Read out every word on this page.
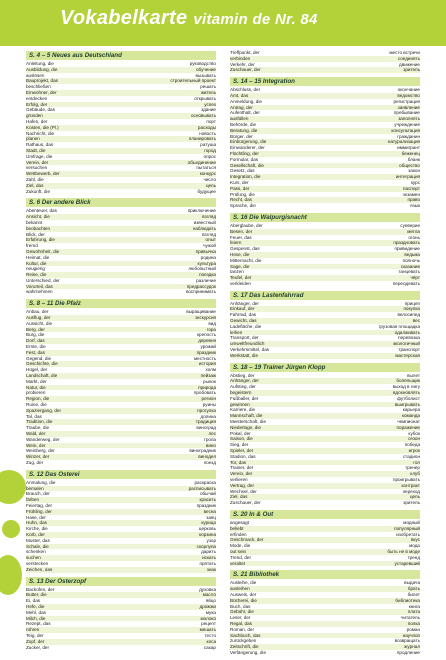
Vokabelkarte vitamin de Nr. 84
S. 4 – 5 Neues aus Deutschland
Anleitung, die	руководство
Ausbildung, die	обучение
auslösen	вызывать
Bauprojekt, das	строительный проект
beschließen	решать
Einwohner, der	житель
entdecken	открывать
Erfolg, der	успех
Gebäude, das	здание
gründen	основывать
Hafen, der	порт
Kosten, die (Pl.)	расходы
Nachricht, die	новость
planen	планировать
Rathaus, das	ратуша
Stadt, die	город
Umfrage, die	опрос
Verein, der	объединение
versuchen	пытаться
Wettbewerb, der	конкурс
Zahl, die	число
Ziel, das	цель
Zukunft, die	будущее
S. 6 Der andere Blick
Abenteuer, das	приключение
Ansicht, die	взгляд
bekannt	известный
beobachten	наблюдать
Blick, der	взгляд
Erfahrung, die	опыт
fremd	чужой
Gewohnheit, die	привычка
Heimat, die	родина
Kultur, die	культура
neugierig	любопытный
Reise, die	поездка
Unterschied, der	различие
Vorurteil, das	предрассудок
wahrnehmen	воспринимать
S. 8 – 11 Die Pfalz
Anbau, der	выращивание
Ausflug, der	экскурсия
Aussicht, die	вид
Berg, der	гора
Burg, die	крепость
Dorf, das	деревня
Ernte, die	урожай
Fest, das	праздник
Gegend, die	местность
Geschichte, die	история
Hügel, der	холм
Landschaft, die	пейзаж
Markt, der	рынок
Natur, die	природа
probieren	пробовать
Region, die	регион
Ruine, die	руины
Spaziergang, der	прогулка
Tal, das	долина
Tradition, die	традиция
Traube, die	виноград
Wald, der	лес
Wanderweg, der	тропа
Wein, der	вино
Weinberg, der	виноградник
Winzer, der	винодел
Zug, der	поезд
S. 12 Das Osterei
Anmalung, die	раскраска
bemalen	расписывать
Brauch, der	обычай
färben	красить
Feiertag, der	праздник
Frühling, der	весна
Hase, der	заяц
Huhn, das	курица
Kirche, die	церковь
Korb, der	корзина
Muster, das	узор
Schale, die	скорлупа
schenken	дарить
suchen	искать
verstecken	прятать
Zeichen, das	знак
S. 13 Der Osterzopf
Backofen, der	духовка
Butter, die	масло
Ei, das	яйцо
Hefe, die	дрожжи
Mehl, das	мука
Milch, die	молоко
Rezept, das	рецепт
rühren	мешать
Teig, der	тесто
Zopf, der	коса
Zucker, der	сахар
Treffpunkt, der	место встречи
verbinden	соединять
Verkehr, der	движение
Zuschauer, der	зритель
S. 14 – 15 Integration
Abschluss, der	окончание
Amt, das	ведомство
Anmeldung, die	регистрация
Antrag, der	заявление
Aufenthalt, der	пребывание
ausfüllen	заполнять
Behörde, die	учреждение
Beratung, die	консультация
Bürger, der	гражданин
Einbürgerung, die	натурализация
Einwanderer, der	иммигрант
Flüchtling, der	беженец
Formular, das	бланк
Gesellschaft, die	общество
Gesetz, das	закон
Integration, die	интеграция
Kurs, der	курс
Pass, der	паспорт
Prüfung, die	экзамен
Recht, das	право
Sprache, die	язык
S. 16 Die Walpurgisnacht
Aberglaube, der	суеверие
Besen, der	метла
Feuer, das	огонь
feiern	праздновать
Gespenst, das	привидение
Hexe, die	ведьма
Mitternacht, die	полночь
Sage, die	сказание
tanzen	танцевать
Teufel, der	чёрт
verkleiden	переодевать
S. 17 Das Lastenfahrrad
Anhänger, der	прицеп
Einkauf, der	покупка
Fahrrad, das	велосипед
Gewicht, das	вес
Ladefläche, die	грузовая площадка
leihen	одалживать
Transport, der	перевозка
umweltfreundlich	экологичный
Verkehrsmittel, das	транспорт
Werkstatt, die	мастерская
S. 18 – 19 Trainer Jürgen Klopp
Abstieg, der	вылет
Anhänger, der	болельщик
Aufstieg, der	выход в лигу
begeistern	вдохновлять
Fußballer, der	футболист
gewinnen	выигрывать
Karriere, die	карьера
Mannschaft, die	команда
Meisterschaft, die	чемпионат
Niederlage, die	поражение
Pokal, der	кубок
Saison, die	сезон
Sieg, der	победа
Spieler, der	игрок
Stadion, das	стадион
Tor, das	гол
Trainer, der	тренер
Verein, der	клуб
verlieren	проигрывать
Vertrag, der	контракт
Wechsel, der	переход
Ziel, das	цель
Zuschauer, der	зритель
S. 20 In & Out
angesagt	модный
beliebt	популярный
erfinden	изобретать
Geschmack, der	вкус
Mode, die	мода
out sein	быть не в моде
Trend, der	тренд
veraltet	устаревший
S. 21 Bibliothek
Ausleihe, die	выдача
ausleihen	брать
Ausweis, der	билет
Bücherei, die	библиотека
Buch, das	книга
Gebühr, die	плата
Leser, der	читатель
Regal, das	полка
Roman, der	роман
Sachbuch, das	научпоп
zurückgeben	возвращать
Zeitschrift, die	журнал
Verlängerung, die	продление
